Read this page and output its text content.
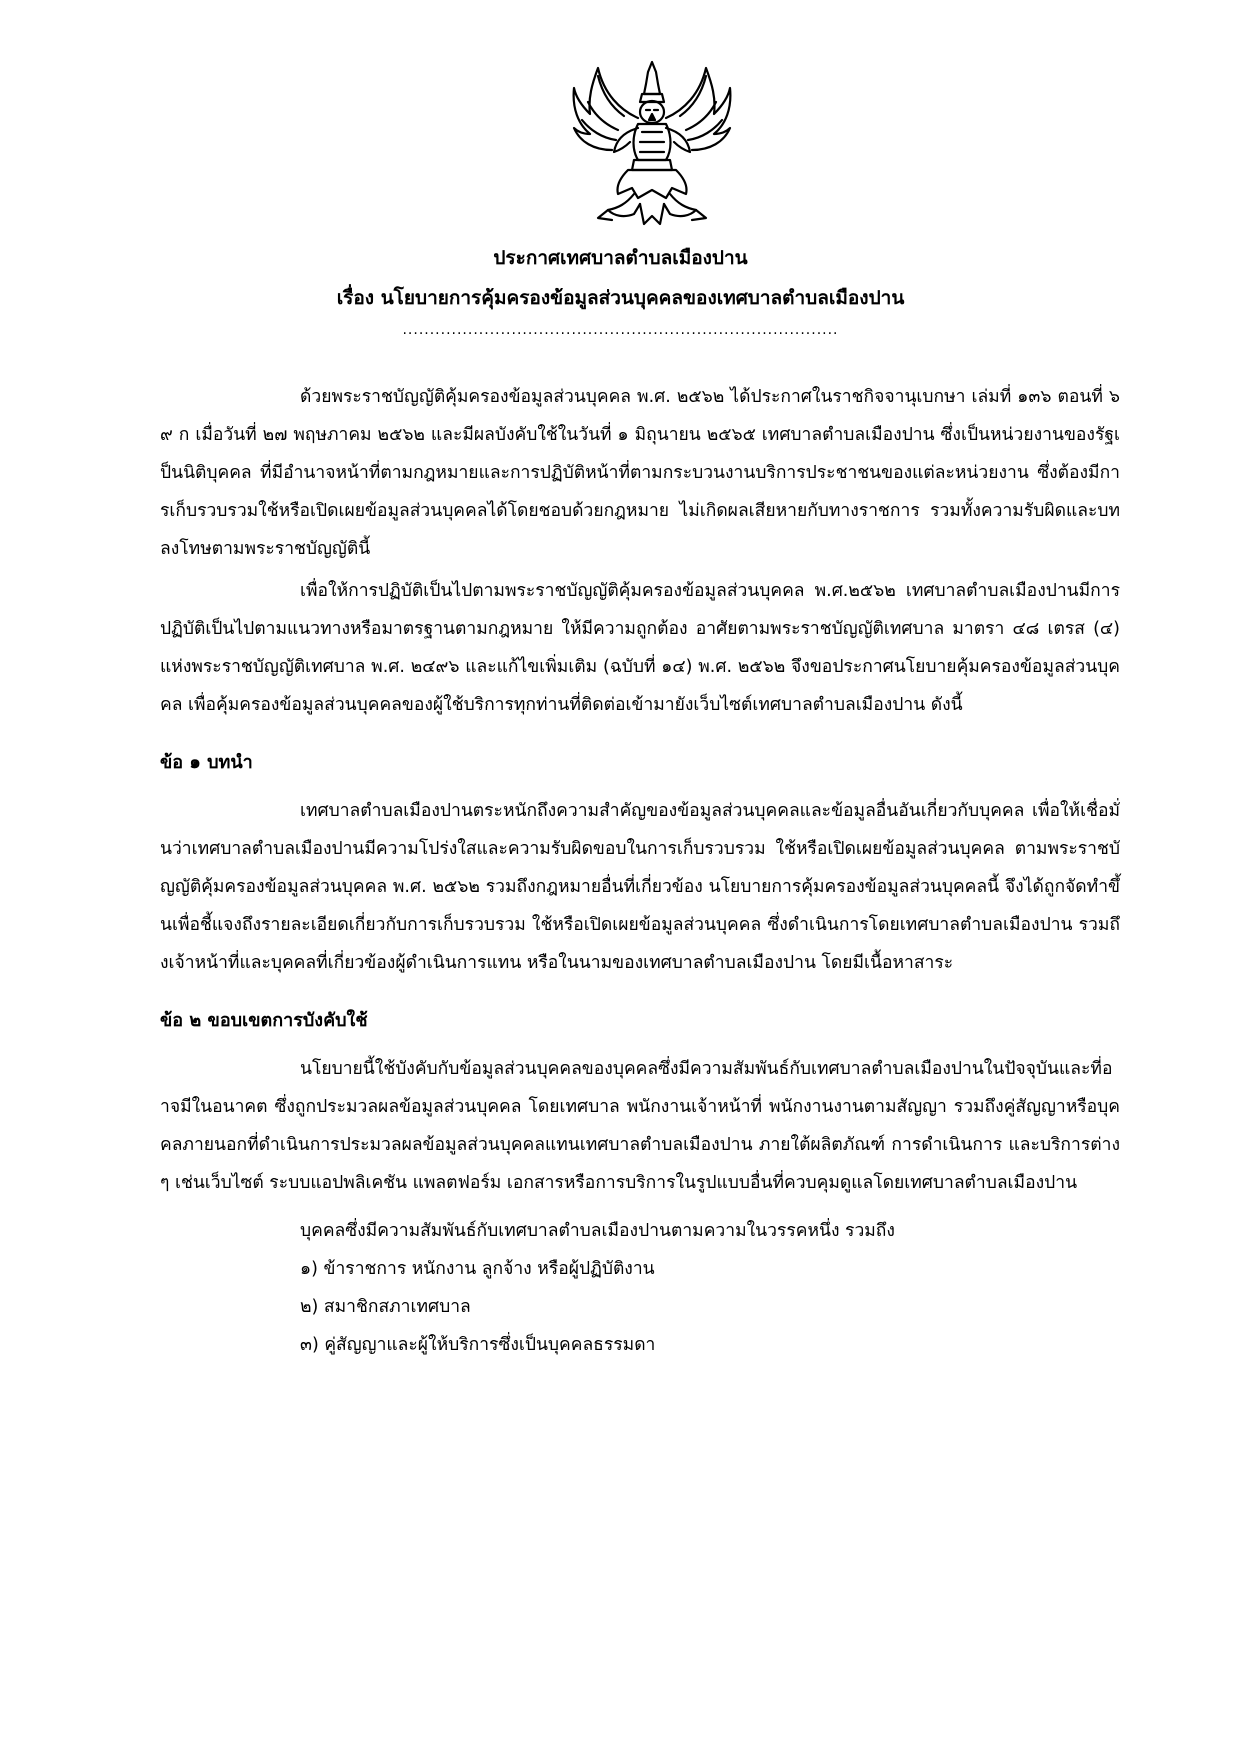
ประกาศเทศบาลตำบลเมืองปาน
เรื่อง นโยบายการคุ้มครองข้อมูลส่วนบุคคลของเทศบาลตำบลเมืองปาน
................................................................................

ด้วยพระราชบัญญัติคุ้มครองข้อมูลส่วนบุคคล พ.ศ. ๒๕๖๒ ได้ประกาศในราชกิจจานุเบกษา เล่มที่ ๑๓๖ ตอนที่ ๖๙ ก เมื่อวันที่ ๒๗ พฤษภาคม ๒๕๖๒ และมีผลบังคับใช้ในวันที่ ๑ มิถุนายน ๒๕๖๕ เทศบาลตำบลเมืองปาน ซึ่งเป็นหน่วยงานของรัฐเป็นนิติบุคคล ที่มีอำนาจหน้าที่ตามกฎหมายและการปฏิบัติหน้าที่ตามกระบวนงานบริการประชาชนของแต่ละหน่วยงาน ซึ่งต้องมีการเก็บรวบรวมใช้หรือเปิดเผยข้อมูลส่วนบุคคลได้โดยชอบด้วยกฎหมาย ไม่เกิดผลเสียหายกับทางราชการ รวมทั้งความรับผิดและบทลงโทษตามพระราชบัญญัตินี้

เพื่อให้การปฏิบัติเป็นไปตามพระราชบัญญัติคุ้มครองข้อมูลส่วนบุคคล พ.ศ.๒๕๖๒ เทศบาลตำบลเมืองปานมีการปฏิบัติเป็นไปตามแนวทางหรือมาตรฐานตามกฎหมาย ให้มีความถูกต้อง อาศัยตามพระราชบัญญัติเทศบาล มาตรา ๔๘ เตรส (๔) แห่งพระราชบัญญัติเทศบาล พ.ศ. ๒๔๙๖ และแก้ไขเพิ่มเติม (ฉบับที่ ๑๔) พ.ศ. ๒๕๖๒ จึงขอประกาศนโยบายคุ้มครองข้อมูลส่วนบุคคล เพื่อคุ้มครองข้อมูลส่วนบุคคลของผู้ใช้บริการทุกท่านที่ติดต่อเข้ามายังเว็บไซต์เทศบาลตำบลเมืองปาน ดังนี้

ข้อ ๑ บทนำ

เทศบาลตำบลเมืองปานตระหนักถึงความสำคัญของข้อมูลส่วนบุคคลและข้อมูลอื่นอันเกี่ยวกับบุคคล เพื่อให้เชื่อมั่นว่าเทศบาลตำบลเมืองปานมีความโปร่งใสและความรับผิดขอบในการเก็บรวบรวม ใช้หรือเปิดเผยข้อมูลส่วนบุคคล ตามพระราชบัญญัติคุ้มครองข้อมูลส่วนบุคคล พ.ศ. ๒๕๖๒ รวมถึงกฎหมายอื่นที่เกี่ยวข้อง นโยบายการคุ้มครองข้อมูลส่วนบุคคลนี้ จึงได้ถูกจัดทำขึ้นเพื่อชี้แจงถึงรายละเอียดเกี่ยวกับการเก็บรวบรวม ใช้หรือเปิดเผยข้อมูลส่วนบุคคล ซึ่งดำเนินการโดยเทศบาลตำบลเมืองปาน รวมถึงเจ้าหน้าที่และบุคคลที่เกี่ยวข้องผู้ดำเนินการแทน หรือในนามของเทศบาลตำบลเมืองปาน โดยมีเนื้อหาสาระ

ข้อ ๒ ขอบเขตการบังคับใช้

นโยบายนี้ใช้บังคับกับข้อมูลส่วนบุคคลของบุคคลซึ่งมีความสัมพันธ์กับเทศบาลตำบลเมืองปานในปัจจุบันและที่อาจมีในอนาคต ซึ่งถูกประมวลผลข้อมูลส่วนบุคคล โดยเทศบาล พนักงานเจ้าหน้าที่ พนักงานงานตามสัญญา รวมถึงคู่สัญญาหรือบุคคลภายนอกที่ดำเนินการประมวลผลข้อมูลส่วนบุคคลแทนเทศบาลตำบลเมืองปาน ภายใต้ผลิตภัณฑ์ การดำเนินการ และบริการต่าง ๆ เช่นเว็บไซต์ ระบบแอปพลิเคชัน แพลตฟอร์ม เอกสารหรือการบริการในรูปแบบอื่นที่ควบคุมดูแลโดยเทศบาลตำบลเมืองปาน

บุคคลซึ่งมีความสัมพันธ์กับเทศบาลตำบลเมืองปานตามความในวรรคหนึ่ง รวมถึง
๑) ข้าราชการ หนักงาน ลูกจ้าง หรือผู้ปฏิบัติงาน
๒) สมาชิกสภาเทศบาล
๓) คู่สัญญาและผู้ให้บริการซึ่งเป็นบุคคลธรรมดา
